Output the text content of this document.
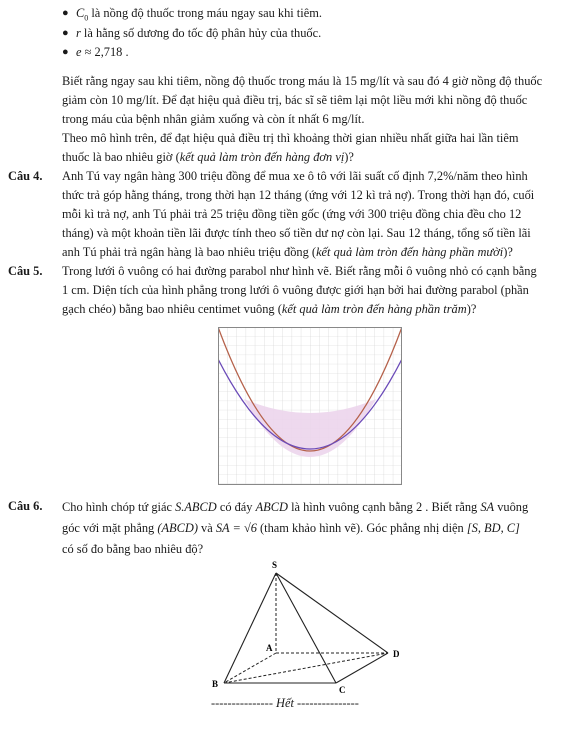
● $C_0$ là nồng độ thuốc trong máu ngay sau khi tiêm.
● r là hằng số dương đo tốc độ phân hủy của thuốc.
● e ≈ 2,718 .
Biết rằng ngay sau khi tiêm, nồng độ thuốc trong máu là 15 mg/lít và sau đó 4 giờ nồng độ thuốc
giảm còn 10 mg/lít. Để đạt hiệu quả điều trị, bác sĩ sẽ tiêm lại một liều mới khi nồng độ thuốc
trong máu của bệnh nhân giảm xuống và còn ít nhất 6 mg/lít.
Theo mô hình trên, để đạt hiệu quả điều trị thì khoảng thời gian nhiều nhất giữa hai lần tiêm
thuốc là bao nhiêu giờ (kết quả làm tròn đến hàng đơn vị)?
Câu 4. Anh Tú vay ngân hàng 300 triệu đồng để mua xe ô tô với lãi suất cố định 7,2%/năm theo hình
thức trả góp hằng tháng, trong thời hạn 12 tháng (ứng với 12 kì trả nợ). Trong thời hạn đó, cuối
mỗi kì trả nợ, anh Tú phải trả 25 triệu đồng tiền gốc (ứng với 300 triệu đồng chia đều cho 12
tháng) và một khoản tiền lãi được tính theo số tiền dư nợ còn lại. Sau 12 tháng, tổng số tiền lãi
anh Tú phải trả ngân hàng là bao nhiêu triệu đồng (kết quả làm tròn đến hàng phần mười)?
Câu 5. Trong lưới ô vuông có hai đường parabol như hình vẽ. Biết rằng mỗi ô vuông nhỏ có cạnh bằng
1 cm. Diện tích của hình phẳng trong lưới ô vuông được giới hạn bởi hai đường parabol (phần
gạch chéo) bằng bao nhiêu centimet vuông (kết quả làm tròn đến hàng phần trăm)?
Câu 6. Cho hình chóp tứ giác S.ABCD có đáy ABCD là hình vuông cạnh bằng 2 . Biết rằng SA vuông
góc với mặt phẳng (ABCD) và SA = √6 (tham khảo hình vẽ). Góc phẳng nhị diện [S, BD, C]
có số đo bằng bao nhiêu độ?
S
A
B
C
D
--------------- Hết ---------------
